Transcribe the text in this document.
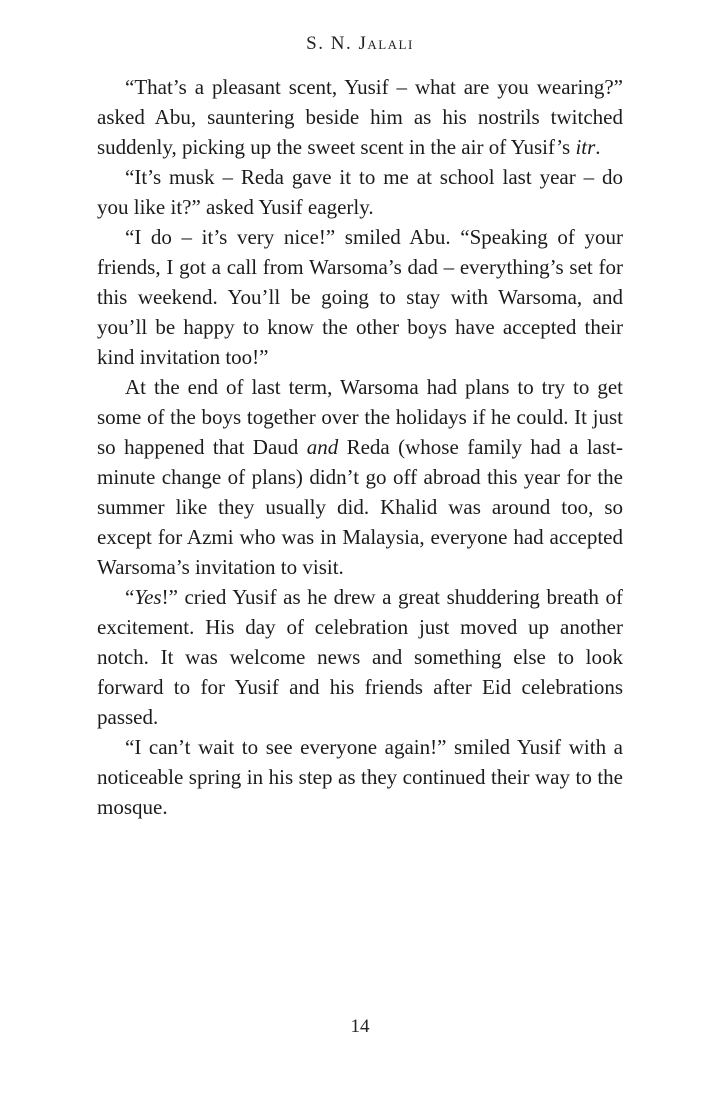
S. N. Jalali

“That’s a pleasant scent, Yusif – what are you wearing?” asked Abu, sauntering beside him as his nostrils twitched suddenly, picking up the sweet scent in the air of Yusif’s itr.

“It’s musk – Reda gave it to me at school last year – do you like it?” asked Yusif eagerly.

“I do – it’s very nice!” smiled Abu. “Speaking of your friends, I got a call from Warsoma’s dad – everything’s set for this weekend. You’ll be going to stay with Warsoma, and you’ll be happy to know the other boys have accepted their kind invitation too!”

At the end of last term, Warsoma had plans to try to get some of the boys together over the holidays if he could. It just so happened that Daud and Reda (whose family had a last-minute change of plans) didn’t go off abroad this year for the summer like they usually did. Khalid was around too, so except for Azmi who was in Malaysia, everyone had accepted Warsoma’s invitation to visit.

“Yes!” cried Yusif as he drew a great shuddering breath of excitement. His day of celebration just moved up another notch. It was welcome news and something else to look forward to for Yusif and his friends after Eid celebrations passed.

“I can’t wait to see everyone again!” smiled Yusif with a noticeable spring in his step as they continued their way to the mosque.

14
